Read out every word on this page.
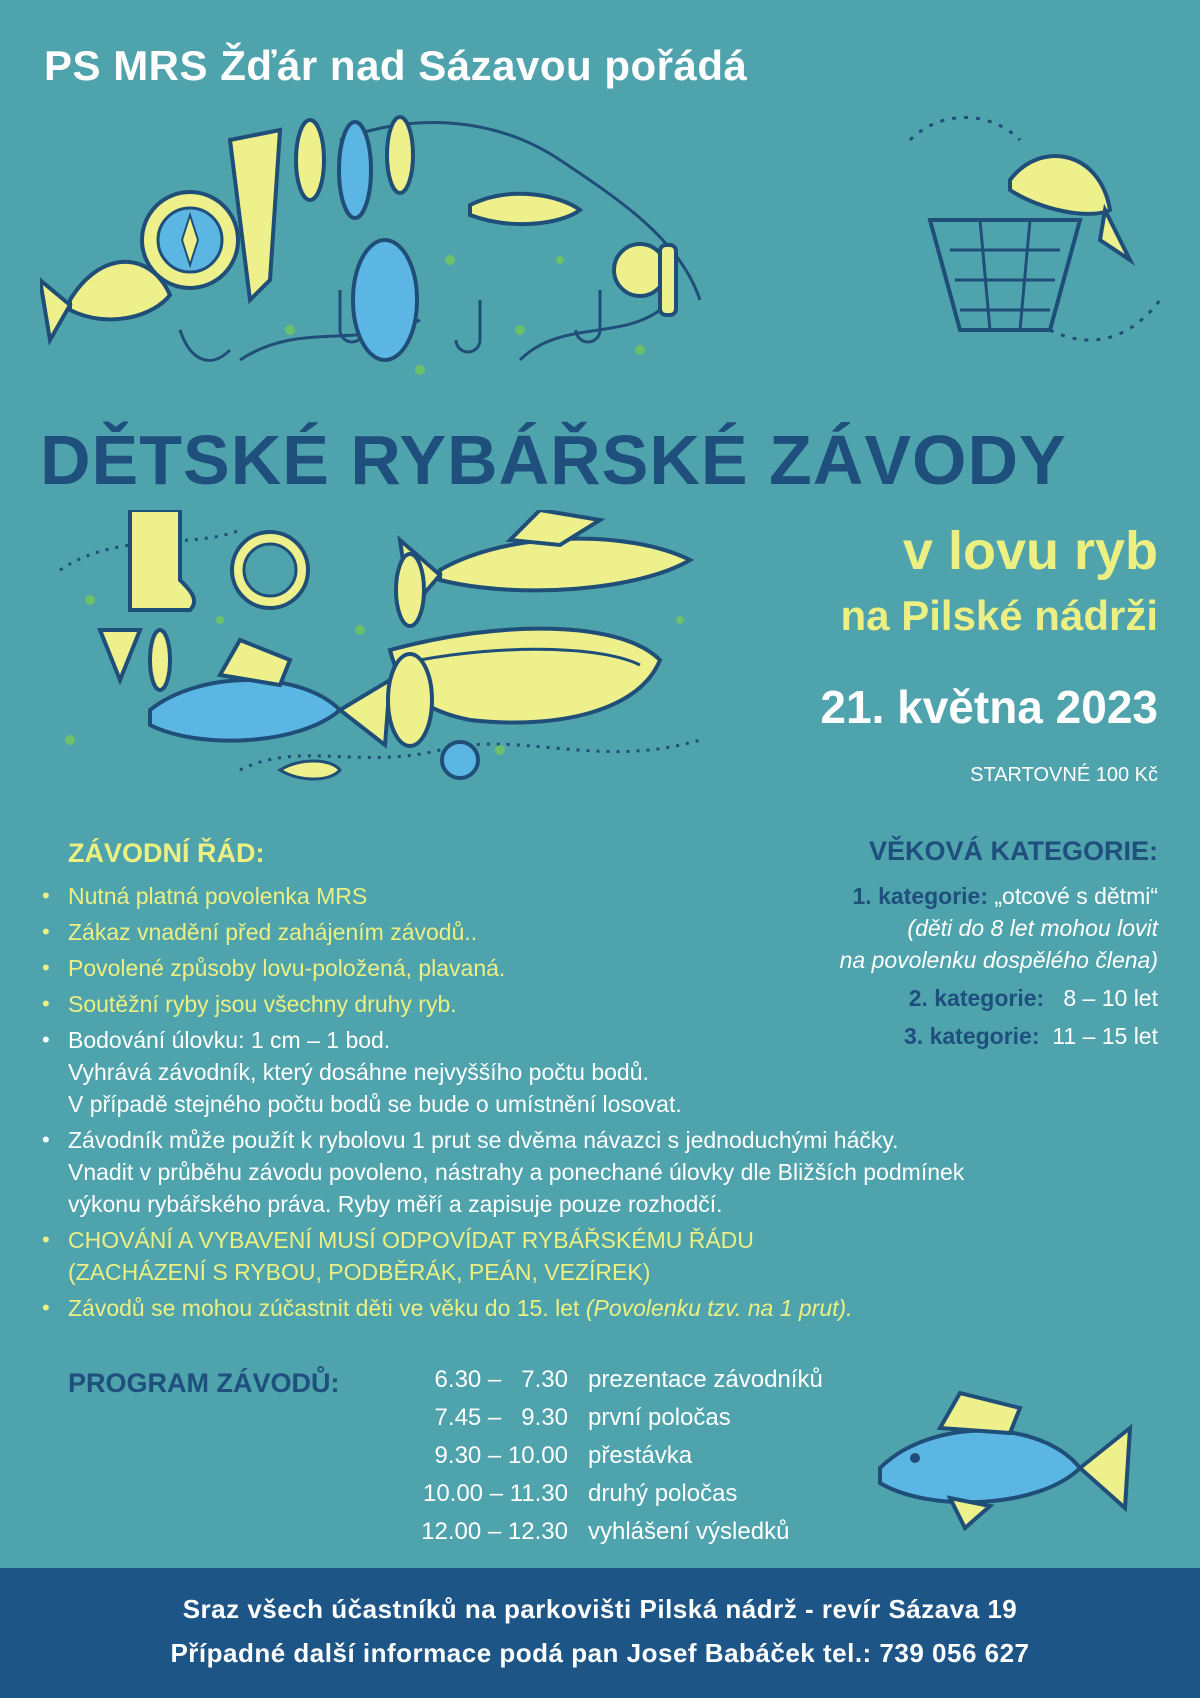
PS MRS Žďár nad Sázavou pořádá
DĚTSKÉ RYBÁŘSKÉ ZÁVODY
v lovu ryb
na Pilské nádrži
21. května 2023
STARTOVNÉ 100 Kč
ZÁVODNÍ ŘÁD:	VĚKOVÁ KATEGORIE:
1. kategorie: „otcové s dětmi“
(děti do 8 let mohou lovit
na povolenku dospělého člena)
2. kategorie: 8 – 10 let
3. kategorie: 11 – 15 let
• Nutná platná povolenka MRS
• Zákaz vnadění před zahájením závodů..
• Povolené způsoby lovu-položená, plavaná.
• Soutěžní ryby jsou všechny druhy ryb.
• Bodování úlovku: 1 cm – 1 bod.
Vyhrává závodník, který dosáhne nejvyššího počtu bodů.
V případě stejného počtu bodů se bude o umístnění losovat.
• Závodník může použít k rybolovu 1 prut se dvěma návazci s jednoduchými háčky.
Vnadit v průběhu závodu povoleno, nástrahy a ponechané úlovky dle Bližších podmínek
výkonu rybářského práva. Ryby měří a zapisuje pouze rozhodčí.
• CHOVÁNÍ A VYBAVENÍ MUSÍ ODPOVÍDAT RYBÁŘSKÉMU ŘÁDU
(ZACHÁZENÍ S RYBOU, PODBĚRÁK, PEÁN, VEZÍREK)
• Závodů se mohou zúčastnit děti ve věku do 15. let (Povolenku tzv. na 1 prut).
PROGRAM ZÁVODŮ:	6.30 –   7.30 prezentace závodníků
7.45 –   9.30 první poločas
9.30 – 10.00 přestávka
10.00 – 11.30 druhý poločas
12.00 – 12.30 vyhlášení výsledků
Sraz všech účastníků na parkovišti Pilská nádrž - revír Sázava 19
Případné další informace podá pan Josef Babáček tel.: 739 056 627
